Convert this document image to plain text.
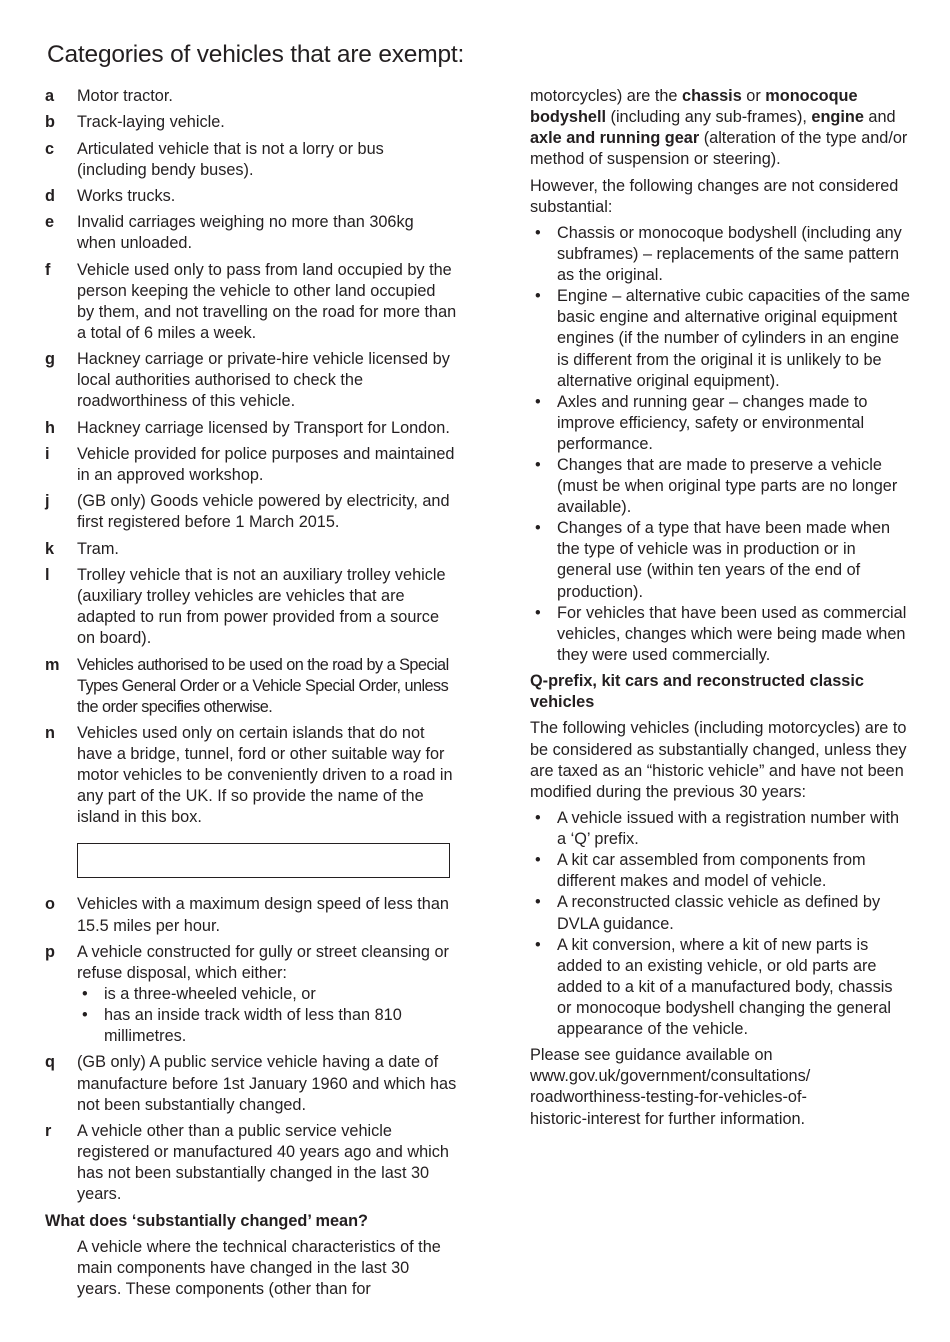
Categories of vehicles that are exempt:
a	Motor tractor.
b	Track-laying vehicle.
c	Articulated vehicle that is not a lorry or bus (including bendy buses).
d	Works trucks.
e	Invalid carriages weighing no more than 306kg when unloaded.
f	Vehicle used only to pass from land occupied by the person keeping the vehicle to other land occupied by them, and not travelling on the road for more than a total of 6 miles a week.
g	Hackney carriage or private-hire vehicle licensed by local authorities authorised to check the roadworthiness of this vehicle.
h	Hackney carriage licensed by Transport for London.
i	Vehicle provided for police purposes and maintained in an approved workshop.
j	(GB only) Goods vehicle powered by electricity, and first registered before 1 March 2015.
k	Tram.
l	Trolley vehicle that is not an auxiliary trolley vehicle (auxiliary trolley vehicles are vehicles that are adapted to run from power provided from a source on board).
m	Vehicles authorised to be used on the road by a Special Types General Order or a Vehicle Special Order, unless the order specifies otherwise.
n	Vehicles used only on certain islands that do not have a bridge, tunnel, ford or other suitable way for motor vehicles to be conveniently driven to a road in any part of the UK. If so provide the name of the island in this box.
o	Vehicles with a maximum design speed of less than 15.5 miles per hour.
p	A vehicle constructed for gully or street cleansing or refuse disposal, which either:
• is a three-wheeled vehicle, or
• has an inside track width of less than 810 millimetres.
q	(GB only) A public service vehicle having a date of manufacture before 1st January 1960 and which has not been substantially changed.
r	A vehicle other than a public service vehicle registered or manufactured 40 years ago and which has not been substantially changed in the last 30 years.
What does ‘substantially changed’ mean?
A vehicle where the technical characteristics of the main components have changed in the last 30 years. These components (other than for
motorcycles) are the chassis or monocoque bodyshell (including any sub-frames), engine and axle and running gear (alteration of the type and/or method of suspension or steering).
However, the following changes are not considered substantial:
• Chassis or monocoque bodyshell (including any subframes) – replacements of the same pattern as the original.
• Engine – alternative cubic capacities of the same basic engine and alternative original equipment engines (if the number of cylinders in an engine is different from the original it is unlikely to be alternative original equipment).
• Axles and running gear – changes made to improve efficiency, safety or environmental performance.
• Changes that are made to preserve a vehicle (must be when original type parts are no longer available).
• Changes of a type that have been made when the type of vehicle was in production or in general use (within ten years of the end of production).
• For vehicles that have been used as commercial vehicles, changes which were being made when they were used commercially.
Q-prefix, kit cars and reconstructed classic vehicles
The following vehicles (including motorcycles) are to be considered as substantially changed, unless they are taxed as an “historic vehicle” and have not been modified during the previous 30 years:
• A vehicle issued with a registration number with a ‘Q’ prefix.
• A kit car assembled from components from different makes and model of vehicle.
• A reconstructed classic vehicle as defined by DVLA guidance.
• A kit conversion, where a kit of new parts is added to an existing vehicle, or old parts are added to a kit of a manufactured body, chassis or monocoque bodyshell changing the general appearance of the vehicle.
Please see guidance available on
www.gov.uk/government/consultations/
roadworthiness-testing-for-vehicles-of-
historic-interest for further information.
